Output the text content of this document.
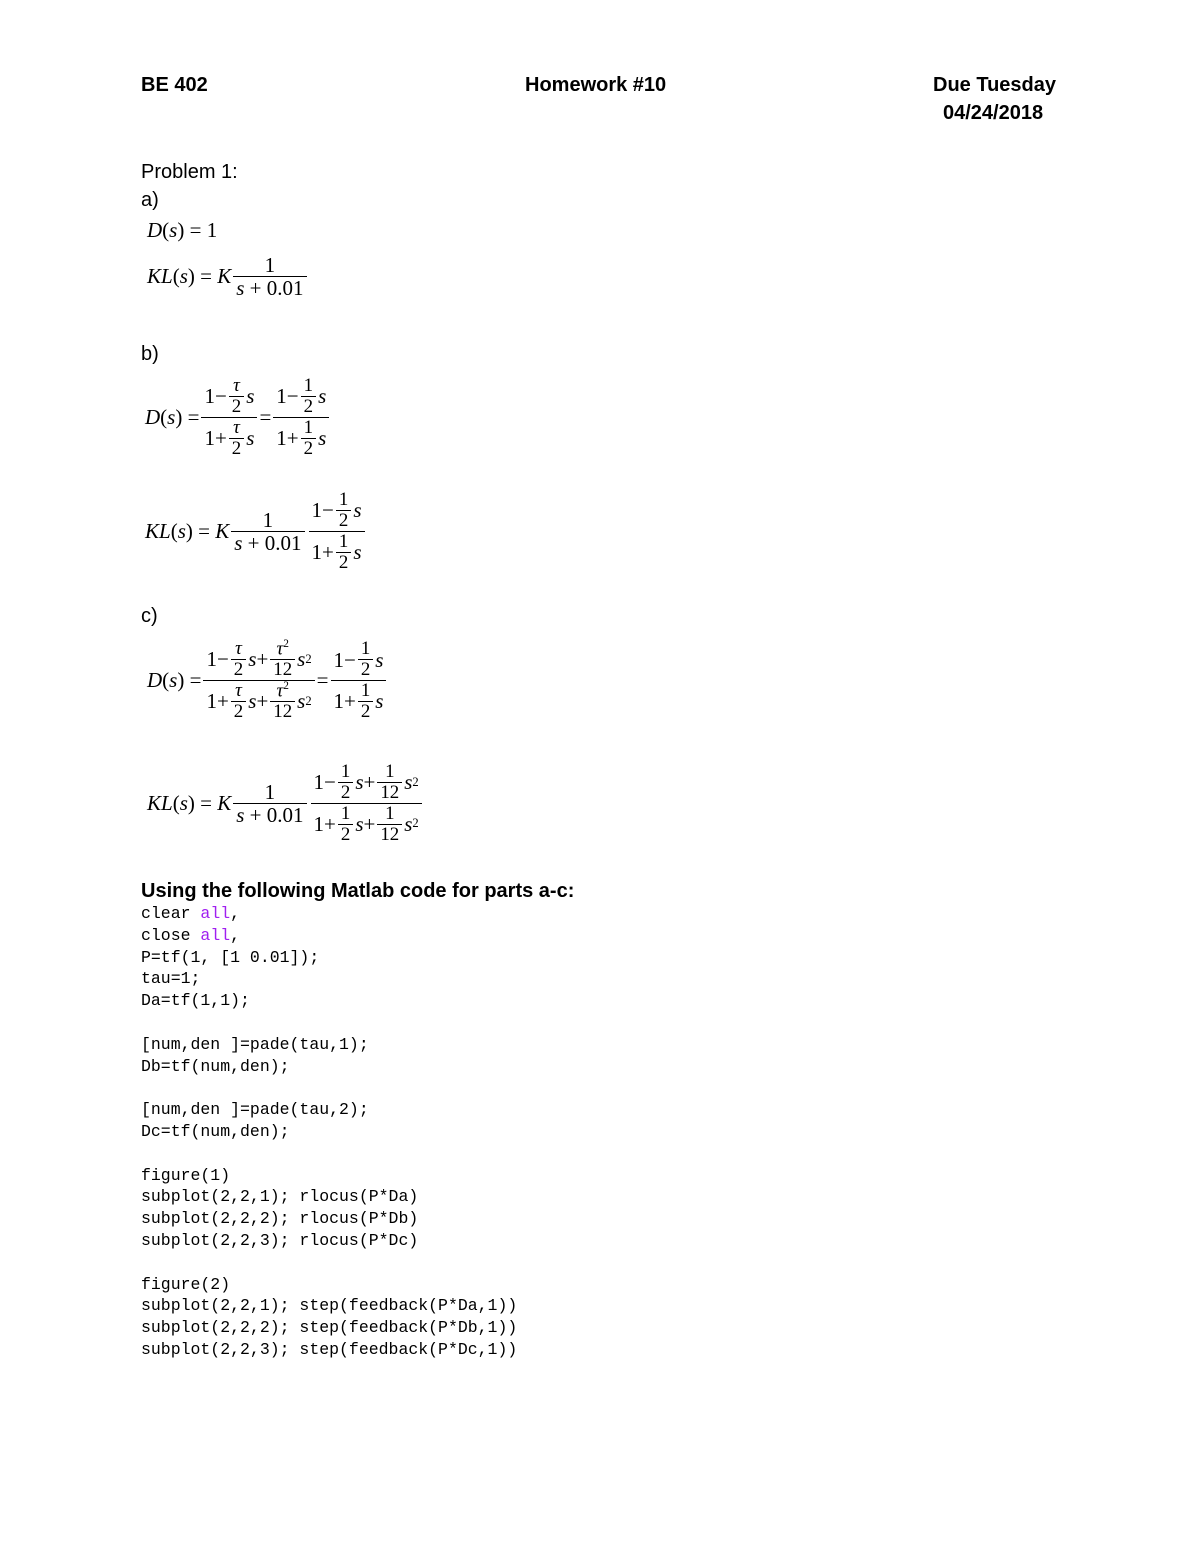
BE 402	Homework #10	Due Tuesday
04/24/2018
Problem 1:
a)
D ( s ) = 1
KL ( s ) = K $\frac{1}{s + 0.01}$
b)
D ( s ) = $\frac{1- \frac{\tau}{2} s}{1+ \frac{\tau}{2} s} = \frac{1- \frac{1}{2} s}{1+ \frac{1}{2} s}$
KL ( s ) = K $\frac{1}{s + 0.01} \frac{1- \frac{1}{2} s}{1+ \frac{1}{2} s}$
c)
D ( s ) = $\frac{1- \frac{\tau}{2} s + \frac{\tau^2}{12} s 2}{1+ \frac{\tau}{2} s + \frac{\tau^2}{12} s 2} = \frac{1- \frac{1}{2} s}{1+ \frac{1}{2} s}$
KL ( s ) = K $\frac{1}{s + 0.01} \frac{1- \frac{1}{2} s + \frac{1}{12} s 2}{1+ \frac{1}{2} s + \frac{1}{12} s 2}$
Using the following Matlab code for parts a-c:
clear all,
close all,
P=tf(1, [1 0.01]);
tau=1;
Da=tf(1,1);
[num,den ]=pade(tau,1);
Db=tf(num,den);
[num,den ]=pade(tau,2);
Dc=tf(num,den);
figure(1)
subplot(2,2,1); rlocus(P*Da)
subplot(2,2,2); rlocus(P*Db)
subplot(2,2,3); rlocus(P*Dc)
figure(2)
subplot(2,2,1); step(feedback(P*Da,1))
subplot(2,2,2); step(feedback(P*Db,1))
subplot(2,2,3); step(feedback(P*Dc,1))
